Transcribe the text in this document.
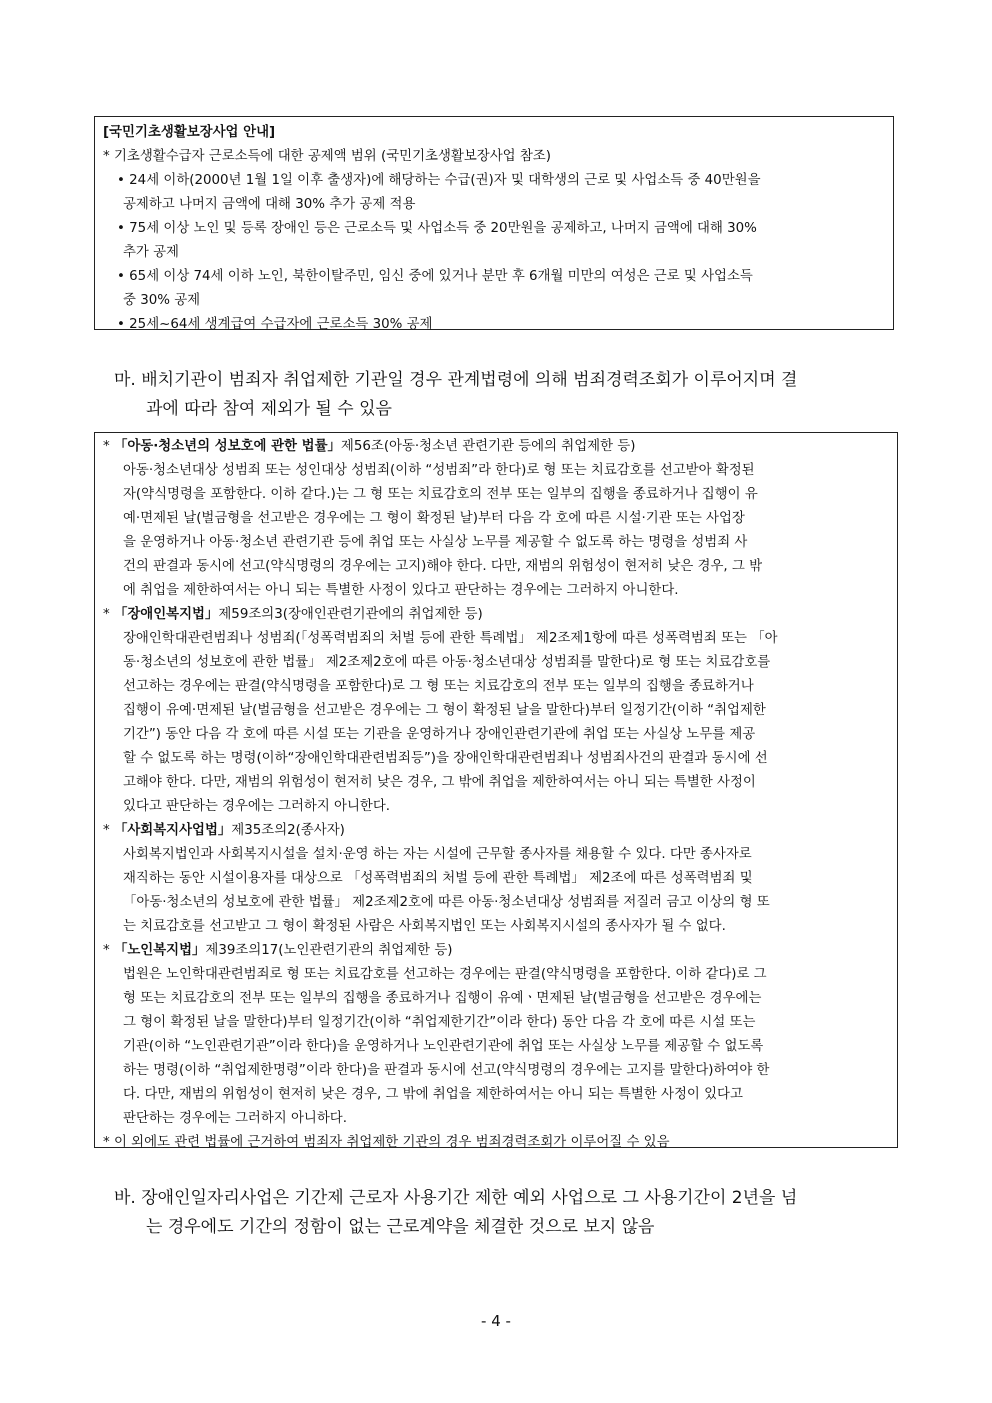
[국민기초생활보장사업 안내]
* 기초생활수급자 근로소득에 대한 공제액 범위 (국민기초생활보장사업 참조)
• 24세 이하(2000년 1월 1일 이후 출생자)에 해당하는 수급(권)자 및 대학생의 근로 및 사업소득 중 40만원을
공제하고 나머지 금액에 대해 30% 추가 공제 적용
• 75세 이상 노인 및 등록 장애인 등은 근로소득 및 사업소득 중 20만원을 공제하고, 나머지 금액에 대해 30%
추가 공제
• 65세 이상 74세 이하 노인, 북한이탈주민, 임신 중에 있거나 분만 후 6개월 미만의 여성은 근로 및 사업소득
중 30% 공제
• 25세~64세 생계급여 수급자에 근로소득 30% 공제
마. 배치기관이 범죄자 취업제한 기관일 경우 관계법령에 의해 범죄경력조회가 이루어지며 결
과에 따라 참여 제외가 될 수 있음
* 「아동·청소년의 성보호에 관한 법률」제56조(아동·청소년 관련기관 등에의 취업제한 등)
아동·청소년대상 성범죄 또는 성인대상 성범죄(이하 “성범죄”라 한다)로 형 또는 치료감호를 선고받아 확정된
자(약식명령을 포함한다. 이하 같다.)는 그 형 또는 치료감호의 전부 또는 일부의 집행을 종료하거나 집행이 유
예·면제된 날(벌금형을 선고받은 경우에는 그 형이 확정된 날)부터 다음 각 호에 따른 시설·기관 또는 사업장
을 운영하거나 아동·청소년 관련기관 등에 취업 또는 사실상 노무를 제공할 수 없도록 하는 명령을 성범죄 사
건의 판결과 동시에 선고(약식명령의 경우에는 고지)해야 한다. 다만, 재범의 위험성이 현저히 낮은 경우, 그 밖
에 취업을 제한하여서는 아니 되는 특별한 사정이 있다고 판단하는 경우에는 그러하지 아니한다.
* 「장애인복지법」제59조의3(장애인관련기관에의 취업제한 등)
장애인학대관련범죄나 성범죄(「성폭력범죄의 처벌 등에 관한 특례법」 제2조제1항에 따른 성폭력범죄 또는 「아
동·청소년의 성보호에 관한 법률」 제2조제2호에 따른 아동·청소년대상 성범죄를 말한다)로 형 또는 치료감호를
선고하는 경우에는 판결(약식명령을 포함한다)로 그 형 또는 치료감호의 전부 또는 일부의 집행을 종료하거나
집행이 유예·면제된 날(벌금형을 선고받은 경우에는 그 형이 확정된 날을 말한다)부터 일정기간(이하 “취업제한
기간”) 동안 다음 각 호에 따른 시설 또는 기관을 운영하거나 장애인관련기관에 취업 또는 사실상 노무를 제공
할 수 없도록 하는 명령(이하“장애인학대관련범죄등”)을 장애인학대관련범죄나 성범죄사건의 판결과 동시에 선
고해야 한다. 다만, 재범의 위험성이 현저히 낮은 경우, 그 밖에 취업을 제한하여서는 아니 되는 특별한 사정이
있다고 판단하는 경우에는 그러하지 아니한다.
* 「사회복지사업법」제35조의2(종사자)
사회복지법인과 사회복지시설을 설치·운영 하는 자는 시설에 근무할 종사자를 채용할 수 있다. 다만 종사자로
재직하는 동안 시설이용자를 대상으로 「성폭력범죄의 처벌 등에 관한 특례법」 제2조에 따른 성폭력범죄 및
「아동·청소년의 성보호에 관한 법률」 제2조제2호에 따른 아동·청소년대상 성범죄를 저질러 금고 이상의 형 또
는 치료감호를 선고받고 그 형이 확정된 사람은 사회복지법인 또는 사회복지시설의 종사자가 될 수 없다.
* 「노인복지법」제39조의17(노인관련기관의 취업제한 등)
법원은 노인학대관련범죄로 형 또는 치료감호를 선고하는 경우에는 판결(약식명령을 포함한다. 이하 같다)로 그
형 또는 치료감호의 전부 또는 일부의 집행을 종료하거나 집행이 유예ㆍ면제된 날(벌금형을 선고받은 경우에는
그 형이 확정된 날을 말한다)부터 일정기간(이하 “취업제한기간”이라 한다) 동안 다음 각 호에 따른 시설 또는
기관(이하 “노인관련기관”이라 한다)을 운영하거나 노인관련기관에 취업 또는 사실상 노무를 제공할 수 없도록
하는 명령(이하 “취업제한명령”이라 한다)을 판결과 동시에 선고(약식명령의 경우에는 고지를 말한다)하여야 한
다. 다만, 재범의 위험성이 현저히 낮은 경우, 그 밖에 취업을 제한하여서는 아니 되는 특별한 사정이 있다고
판단하는 경우에는 그러하지 아니하다.
* 이 외에도 관련 법률에 근거하여 범죄자 취업제한 기관의 경우 범죄경력조회가 이루어질 수 있음
바. 장애인일자리사업은 기간제 근로자 사용기간 제한 예외 사업으로 그 사용기간이 2년을 넘
는 경우에도 기간의 정함이 없는 근로계약을 체결한 것으로 보지 않음
- 4 -
